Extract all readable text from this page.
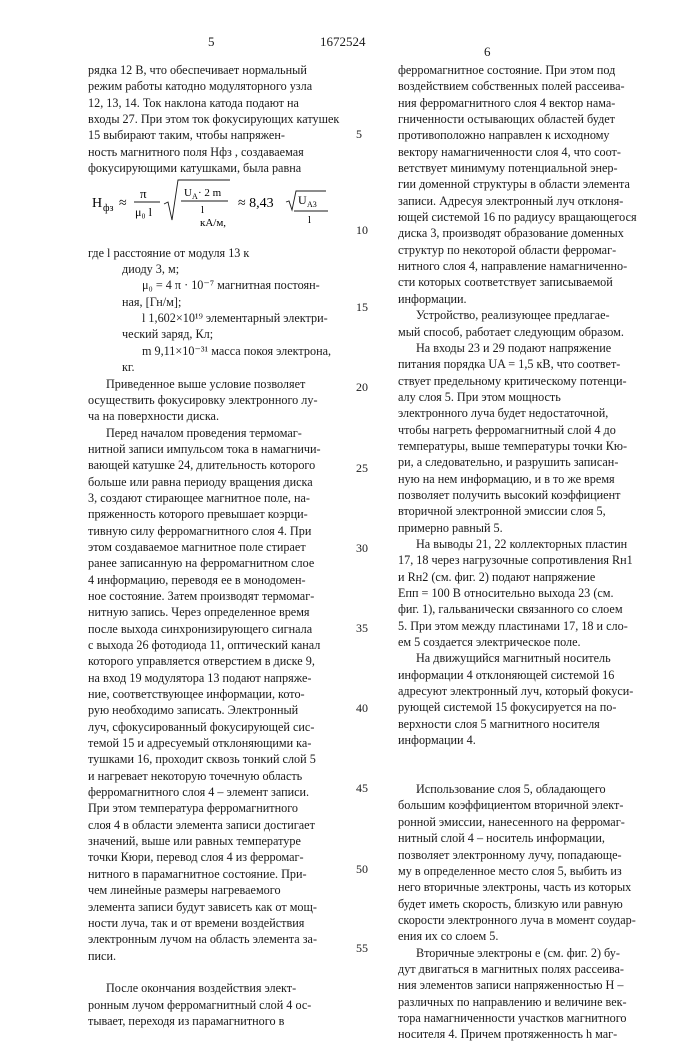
5	1672524
6
рядка 12 В, что обеспечивает нормальный
режим работы катодно модуляторного узла
12, 13, 14. Ток наклона катода подают на
входы 27. При этом ток фокусирующих катушек
15 выбирают таким, чтобы напряжен-
ность магнитного поля Нфз , создаваемая
фокусирующими катушками, была равна
Н фз ≈
π
μ₀ l
U A · 2 m
l ≈ 8,43 U A3
l
кА/м,
где l расстояние от модуля 13 к
диоду 3, м;
μ₀ = 4 π · 10⁻⁷ магнитная постоян-
ная, [Гн/м];
l 1,602×10¹⁹ элементарный электри-
ческий заряд, Кл;
m 9,11×10⁻³¹ масса покоя электрона,
кг.
Приведенное выше условие позволяет
осуществить фокусировку электронного лу-
ча на поверхности диска.
Перед началом проведения термомаг-
нитной записи импульсом тока в намагничи-
вающей катушке 24, длительность которого
больше или равна периоду вращения диска
3, создают стирающее магнитное поле, на-
пряженность которого превышает коэрци-
тивную силу ферромагнитного слоя 4. При
этом создаваемое магнитное поле стирает
ранее записанную на ферромагнитном слое
4 информацию, переводя ее в монодомен-
ное состояние. Затем производят термомаг-
нитную запись. Через определенное время
после выхода синхронизирующего сигнала
с выхода 26 фотодиода 11, оптический канал
которого управляется отверстием в диске 9,
на вход 19 модулятора 13 подают напряже-
ние, соответствующее информации, кото-
рую необходимо записать. Электронный
луч, сфокусированный фокусирующей сис-
темой 15 и адресуемый отклоняющими ка-
тушками 16, проходит сквозь тонкий слой 5
и нагревает некоторую точечную область
ферромагнитного слоя 4 – элемент записи.
При этом температура ферромагнитного
слоя 4 в области элемента записи достигает
значений, выше или равных температуре
точки Кюри, перевод слоя 4 из ферромаг-
нитного в парамагнитное состояние. При-
чем линейные размеры нагреваемого
элемента записи будут зависеть как от мощ-
ности луча, так и от времени воздействия
электронным лучом на область элемента за-
писи.
После окончания воздействия элект-
ронным лучом ферромагнитный слой 4 ос-
тывает, переходя из парамагнитного в
ферромагнитное состояние. При этом под
воздействием собственных полей рассеива-
ния ферромагнитного слоя 4 вектор нама-
гниченности остывающих областей будет
противоположно направлен к исходному
вектору намагниченности слоя 4, что соот-
ветствует минимуму потенциальной энер-
гии доменной структуры в области элемента
записи. Адресуя электронный луч отклоня-
ющей системой 16 по радиусу вращающегося
диска 3, производят образование доменных
структур по некоторой области ферромаг-
нитного слоя 4, направление намагниченно-
сти которых соответствует записываемой
информации.
Устройство, реализующее предлагае-
мый способ, работает следующим образом.
На входы 23 и 29 подают напряжение
питания порядка UA = 1,5 кВ, что соответ-
ствует предельному критическому потенци-
алу слоя 5. При этом мощность
электронного луча будет недостаточной,
чтобы нагреть ферромагнитный слой 4 до
температуры, выше температуры точки Кю-
ри, а следовательно, и разрушить записан-
ную на нем информацию, и в то же время
позволяет получить высокий коэффициент
вторичной электронной эмиссии слоя 5,
примерно равный 5.
На выводы 21, 22 коллекторных пластин
17, 18 через нагрузочные сопротивления Rн1
и Rн2 (см. фиг. 2) подают напряжение
Eпп = 100 В относительно выхода 23 (см.
фиг. 1), гальванически связанного со слоем
5. При этом между пластинами 17, 18 и сло-
ем 5 создается электрическое поле.
На движущийся магнитный носитель
информации 4 отклоняющей системой 16
адресуют электронный луч, который фокуси-
рующей системой 15 фокусируется на по-
верхности слоя 5 магнитного носителя
информации 4.
Использование слоя 5, обладающего
большим коэффициентом вторичной элект-
ронной эмиссии, нанесенного на ферромаг-
нитный слой 4 – носитель информации,
позволяет электронному лучу, попадающе-
му в определенное место слоя 5, выбить из
него вторичные электроны, часть из которых
будет иметь скорость, близкую или равную
скорости электронного луча в момент соудар-
ения их со слоем 5.
Вторичные электроны е (см. фиг. 2) бу-
дут двигаться в магнитных полях рассеива-
ния элементов записи напряженностью Н –
различных по направлению и величине век-
тора намагниченности участков магнитного
носителя 4. Причем протяженность h маг-
5
10
15
20
25
30
35
40
45
50
55
